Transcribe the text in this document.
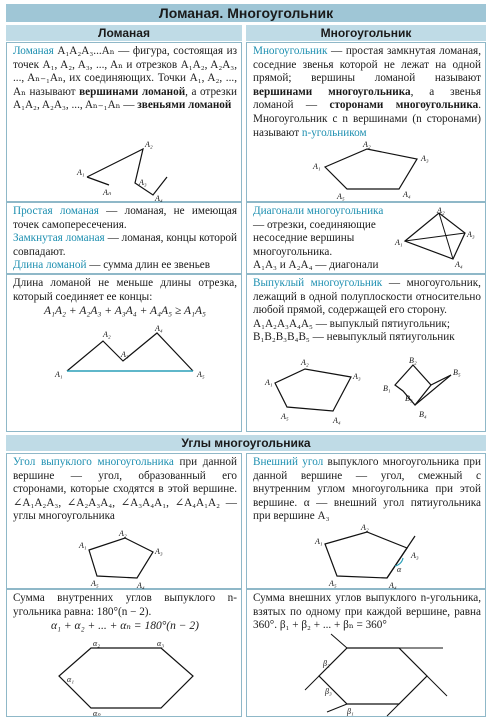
Ломаная. Многоугольник
Ломаная	Многоугольник
Ломаная A₁A₂A₃...Aₙ — фигура, состоящая из точек A₁, A₂, A₃, ..., Aₙ и отрезков A₁A₂, A₂A₃, ..., Aₙ₋₁Aₙ, их соединяющих. Точки A₁, A₂, ..., Aₙ называют вершинами ломаной, а отрезки A₁A₂, A₂A₃, ..., Aₙ₋₁Aₙ — звеньями ломаной
A₁
A₂
A₃
A₄
Aₙ
Многоугольник — простая замкнутая ломаная, соседние звенья которой не лежат на одной прямой; вершины ломаной называют вершинами многоугольника, а звенья ломаной — сторонами многоугольника. Многоугольник с n вершинами (n сторонами) называют n-угольником
A₁
A₂
A₃
A₄
A₅
Простая ломаная — ломаная, не имеющая точек самопересечения.
Замкнутая ломаная — ломаная, концы которой совпадают.
Длина ломаной — сумма длин ее звеньев
Диагонали многоугольника — отрезки, соединяющие несоседние вершины многоугольника.
A₁A₃ и A₂A₄ — диагонали
A₁
A₂
A₃
A₄
Длина ломаной не меньше длины отрезка, который соединяет ее концы:
A₁A₂ + A₂A₃ + A₃A₄ + A₄A₅ ≥ A₁A₅
A₁
A₂
A₃
A₄
A₅
Выпуклый многоугольник — многоугольник, лежащий в одной полуплоскости относительно любой прямой, содержащей его сторону.
A₁A₂A₃A₄A₅ — выпуклый пятиугольник;
B₁B₂B₃B₄B₅ — невыпуклый пятиугольник
A₁
A₂
A₃
A₄
A₅
B₁
B₂
B₃
B₄
B₅
Углы многоугольника
Угол выпуклого многоугольника при данной вершине — угол, образованный его сторонами, которые сходятся в этой вершине. ∠A₁A₂A₃, ∠A₂A₃A₄, ∠A₃A₄A₁, ∠A₄A₁A₂ — углы многоугольника
A₁
A₂
A₃
A₄
A₅
Внешний угол выпуклого многоугольника при данной вершине — угол, смежный с внутренним углом многоугольника при этой вершине. α — внешний угол пятиугольника при вершине A₃
A₁
A₂
A₃
A₄
A₅
α
Сумма внутренних углов выпуклого n-угольника равна: 180°(n − 2).
α₁ + α₂ + ... + αₙ = 180°(n − 2)
α₂	α₃
α₁
αₙ
Сумма внешних углов выпуклого n-угольника, взятых по одному при каждой вершине, равна 360°. β₁ + β₂ + ... + βₙ = 360°
β₂
β₃
β₁
